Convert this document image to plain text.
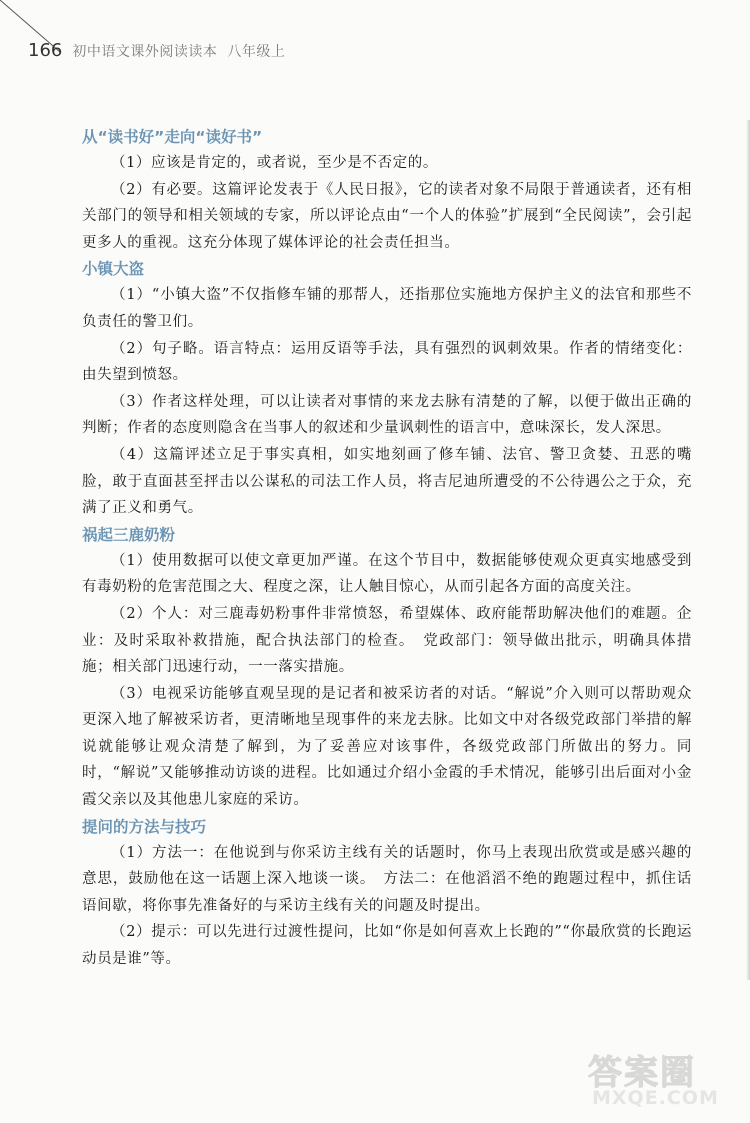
166 初中语文课外阅读读本 八年级上
从“读书好”走向“读好书”

（1）应该是肯定的，或者说，至少是不否定的。

（2）有必要。这篇评论发表于《人民日报》，它的读者对象不局限于普通读者，还有相关部门的领导和相关领域的专家，所以评论点由“一个人的体验”扩展到“全民阅读”，会引起更多人的重视。这充分体现了媒体评论的社会责任担当。

小镇大盗

（1）“小镇大盗”不仅指修车铺的那帮人，还指那位实施地方保护主义的法官和那些不负责任的警卫们。

（2）句子略。语言特点：运用反语等手法，具有强烈的讽刺效果。作者的情绪变化：由失望到愤怒。

（3）作者这样处理，可以让读者对事情的来龙去脉有清楚的了解，以便于做出正确的判断；作者的态度则隐含在当事人的叙述和少量讽刺性的语言中，意味深长，发人深思。

（4）这篇评述立足于事实真相，如实地刻画了修车铺、法官、警卫贪婪、丑恶的嘴脸，敢于直面甚至抨击以公谋私的司法工作人员，将吉尼迪所遭受的不公待遇公之于众，充满了正义和勇气。

祸起三鹿奶粉

（1）使用数据可以使文章更加严谨。在这个节目中，数据能够使观众更真实地感受到有毒奶粉的危害范围之大、程度之深，让人触目惊心，从而引起各方面的高度关注。

（2）个人：对三鹿毒奶粉事件非常愤怒，希望媒体、政府能帮助解决他们的难题。企业：及时采取补救措施，配合执法部门的检查。　党政部门：领导做出批示，明确具体措施；相关部门迅速行动，一一落实措施。

（3）电视采访能够直观呈现的是记者和被采访者的对话。“解说”介入则可以帮助观众更深入地了解被采访者，更清晰地呈现事件的来龙去脉。比如文中对各级党政部门举措的解说就能够让观众清楚了解到，为了妥善应对该事件，各级党政部门所做出的努力。同时，“解说”又能够推动访谈的进程。比如通过介绍小金霞的手术情况，能够引出后面对小金霞父亲以及其他患儿家庭的采访。

提问的方法与技巧

（1）方法一：在他说到与你采访主线有关的话题时，你马上表现出欣赏或是感兴趣的意思，鼓励他在这一话题上深入地谈一谈。　方法二：在他滔滔不绝的跑题过程中，抓住话语间歇，将你事先准备好的与采访主线有关的问题及时提出。

（2）提示：可以先进行过渡性提问，比如“你是如何喜欢上长跑的”“你最欣赏的长跑运动员是谁”等。

答案圈
MXQE.COM
